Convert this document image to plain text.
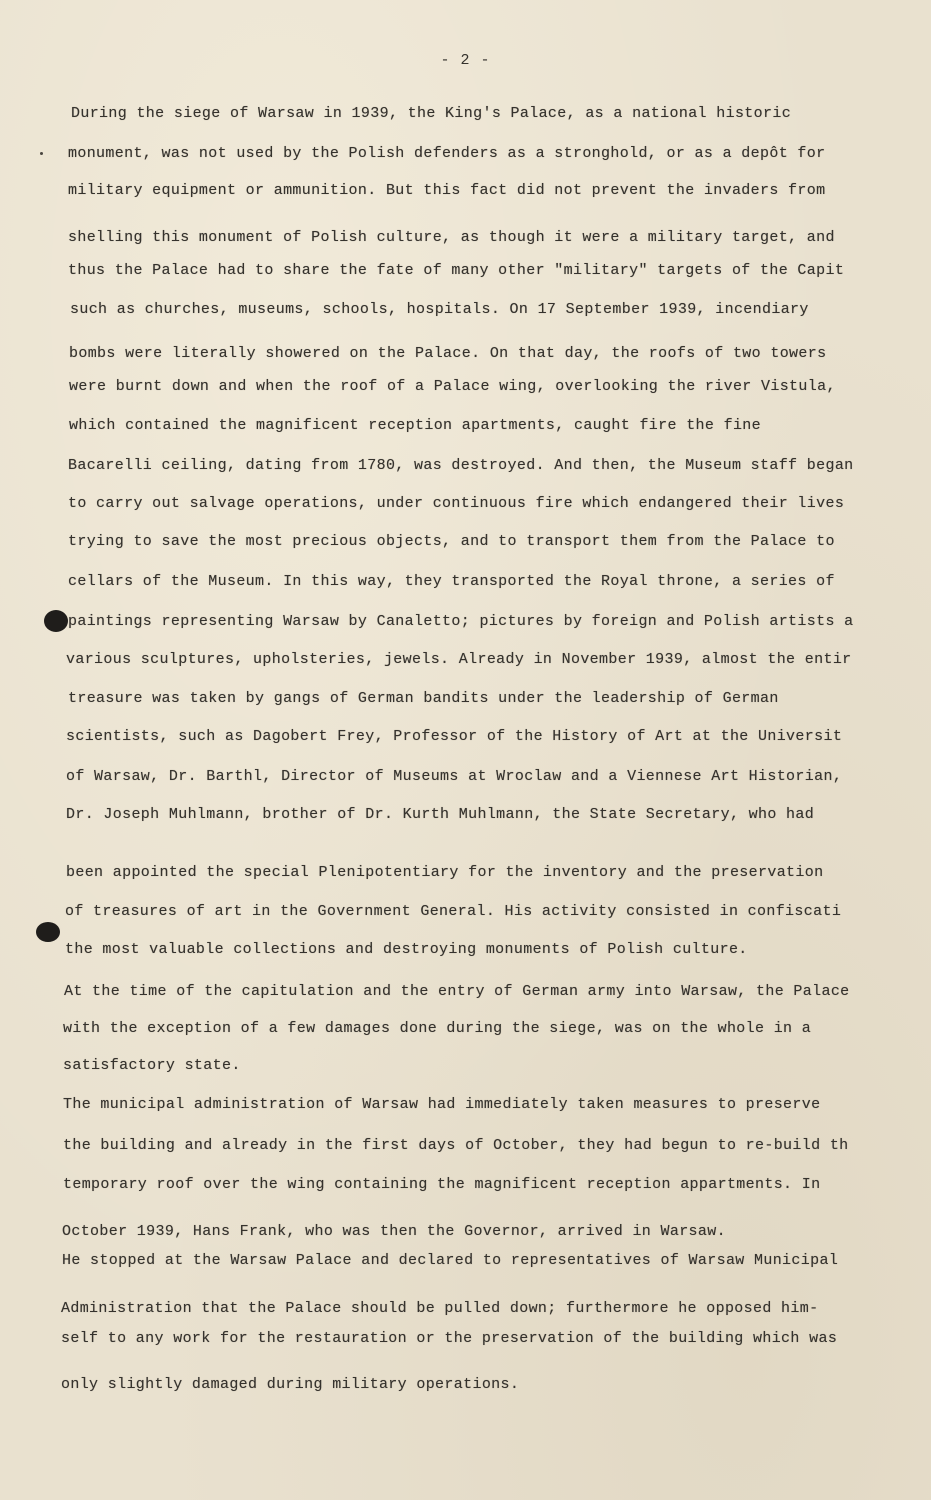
- 2 -
During the siege of Warsaw in 1939, the King's Palace, as a national historic
monument, was not used by the Polish defenders as a stronghold, or as a depôt for
military equipment or ammunition. But this fact did not prevent the invaders from
shelling this monument of Polish culture, as though it were a military target, and
thus the Palace had to share the fate of many other "military" targets of the Capit
such as churches, museums, schools, hospitals. On 17 September 1939, incendiary
bombs were literally showered on the Palace. On that day, the roofs of two towers
were burnt down and when the roof of a Palace wing, overlooking the river Vistula,
which contained the magnificent reception apartments, caught fire the fine
Bacarelli ceiling, dating from 1780, was destroyed. And then, the Museum staff began
to carry out salvage operations, under continuous fire which endangered their lives
trying to save the most precious objects, and to transport them from the Palace to
cellars of the Museum. In this way, they transported the Royal throne, a series of
paintings representing Warsaw by Canaletto; pictures by foreign and Polish artists a
various sculptures, upholsteries, jewels. Already in November 1939, almost the entir
treasure was taken by gangs of German bandits under the leadership of German
scientists, such as Dagobert Frey, Professor of the History of Art at the Universit
of Warsaw, Dr. Barthl, Director of Museums at Wroclaw and a Viennese Art Historian,
Dr. Joseph Muhlmann, brother of Dr. Kurth Muhlmann, the State Secretary, who had
been appointed the special Plenipotentiary for the inventory and the preservation
of treasures of art in the Government General. His activity consisted in confiscati
the most valuable collections and destroying monuments of Polish culture.
At the time of the capitulation and the entry of German army into Warsaw, the Palace
with the exception of a few damages done during the siege, was on the whole in a
satisfactory state.
The municipal administration of Warsaw had immediately taken measures to preserve
the building and already in the first days of October, they had begun to re-build th
temporary roof over the wing containing the magnificent reception appartments. In
October 1939, Hans Frank, who was then the Governor, arrived in Warsaw.
He stopped at the Warsaw Palace and declared to representatives of Warsaw Municipal
Administration that the Palace should be pulled down; furthermore he opposed him-
self to any work for the restauration or the preservation of the building which was
only slightly damaged during military operations.
